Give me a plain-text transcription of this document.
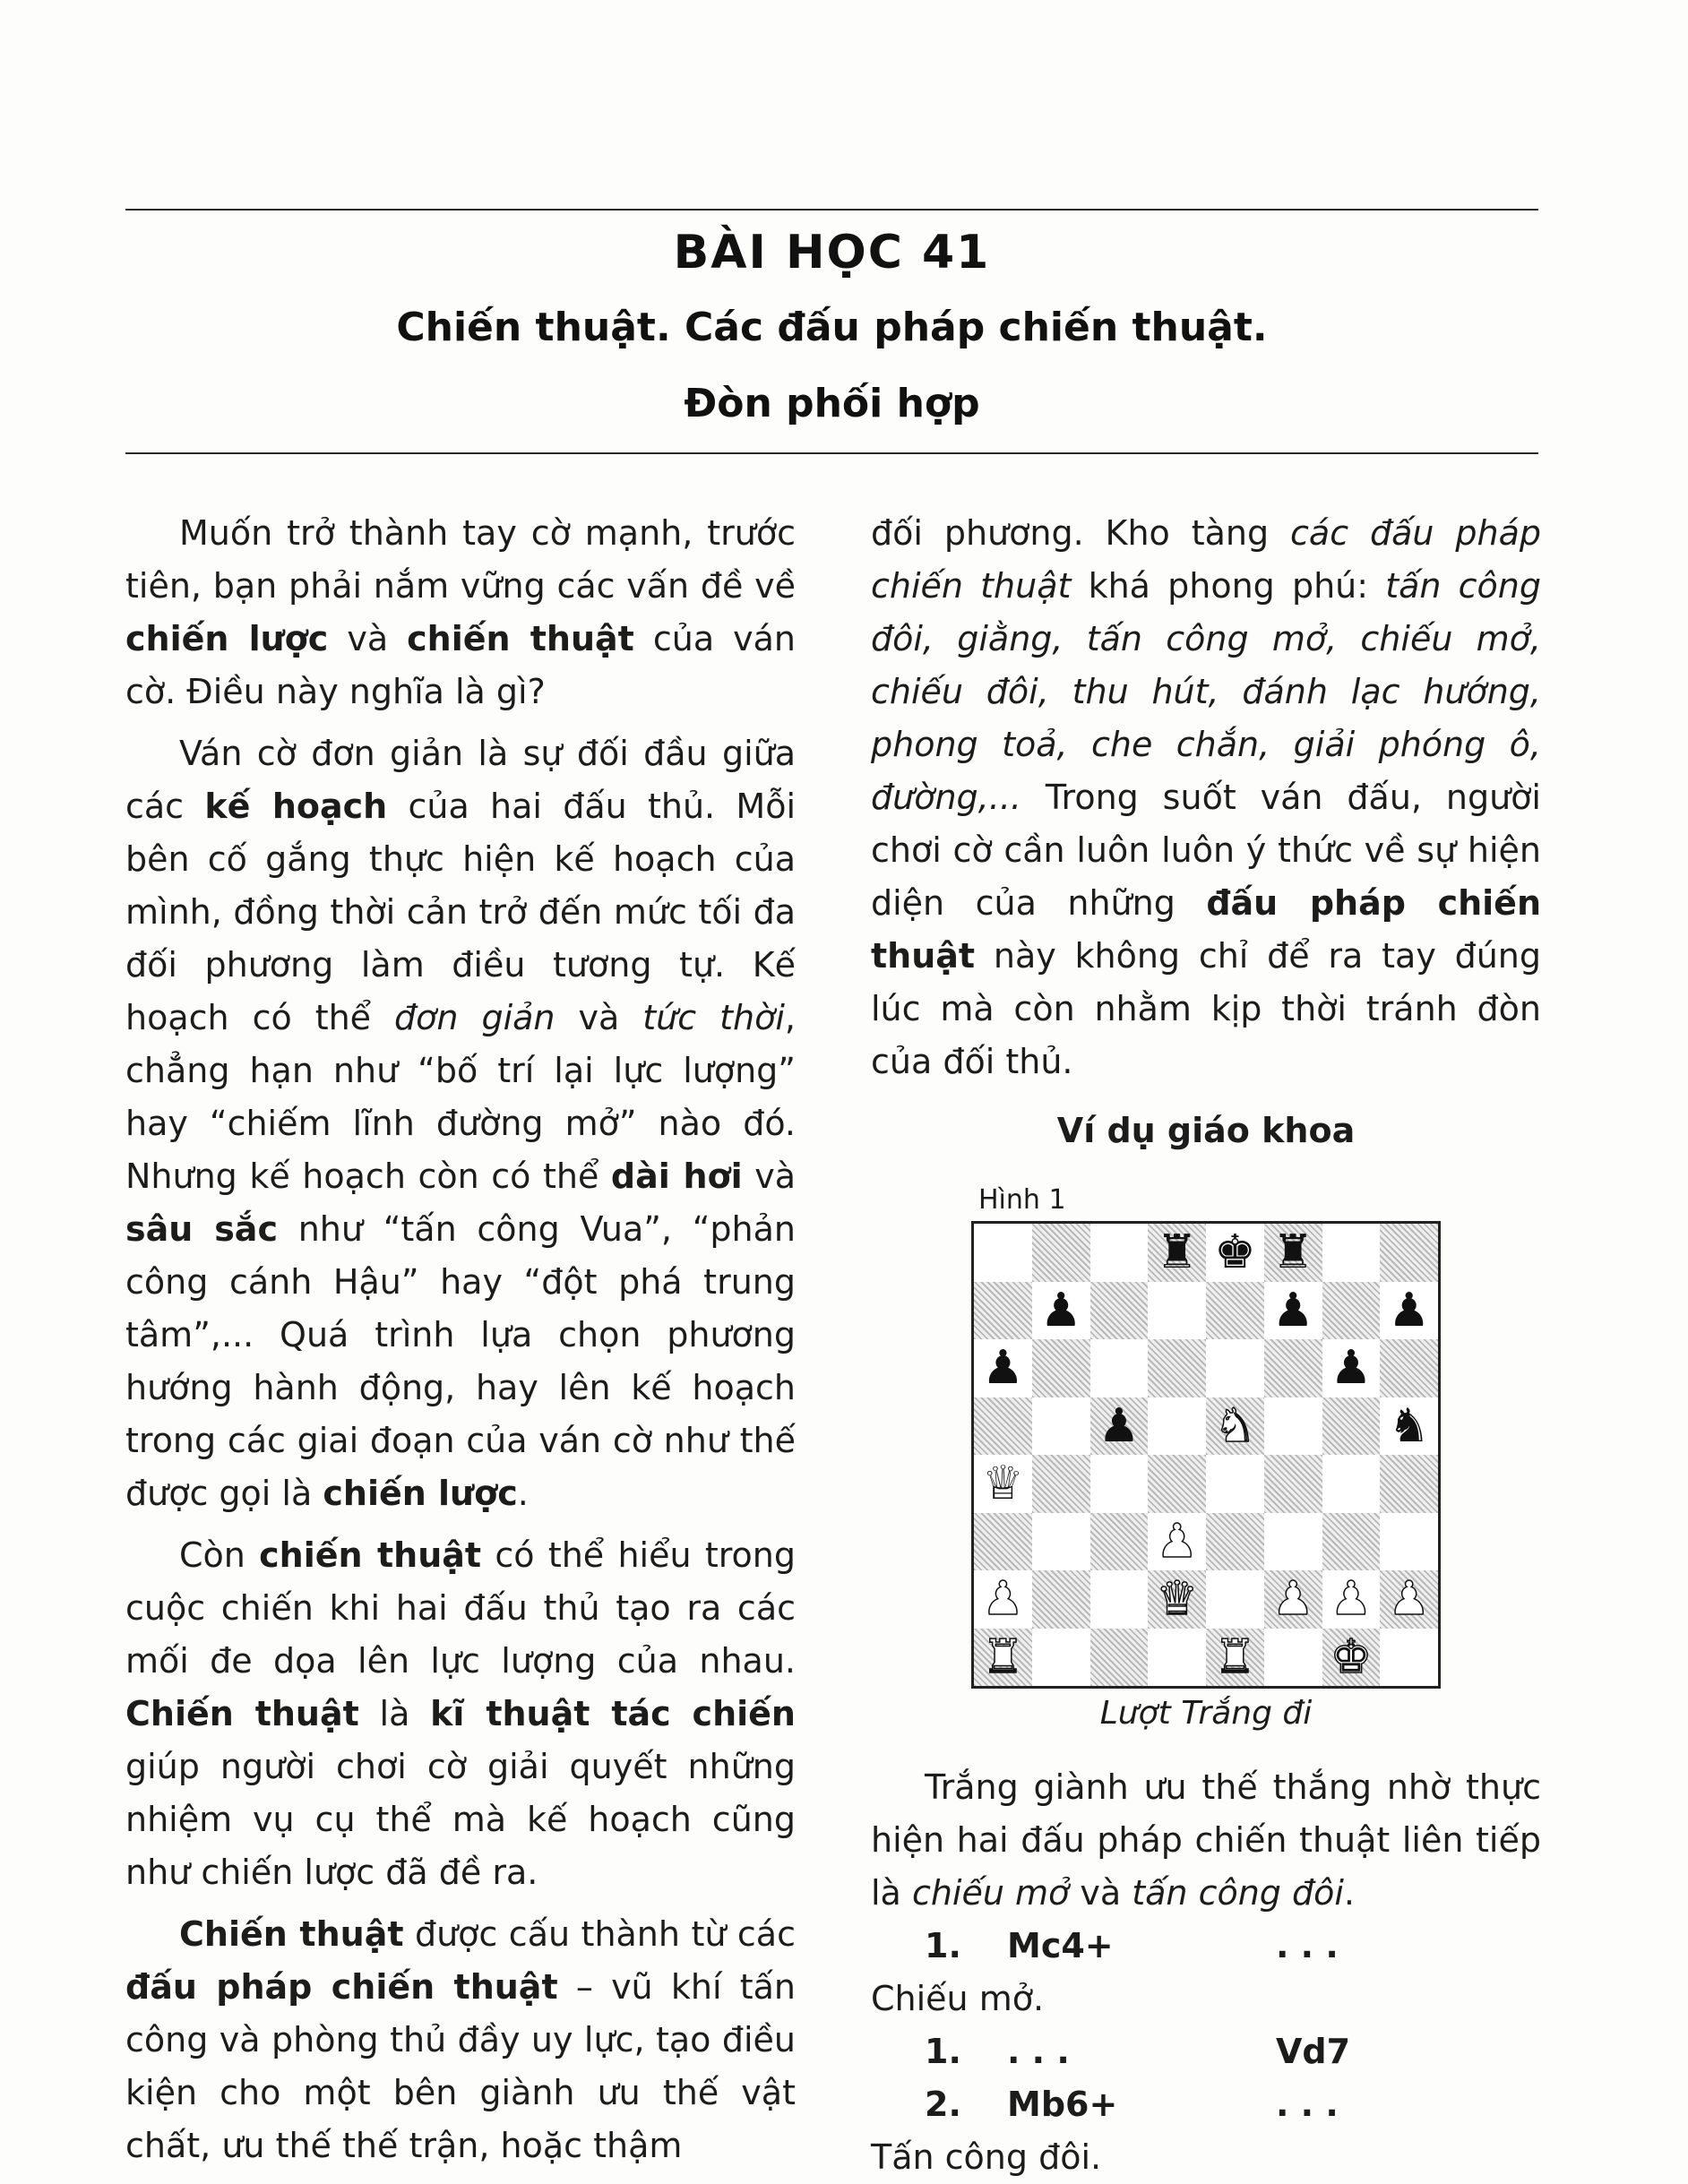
BÀI HỌC 41
Chiến thuật. Các đấu pháp chiến thuật.
Đòn phối hợp

Muốn trở thành tay cờ mạnh, trước tiên, bạn phải nắm vững các vấn đề về chiến lược và chiến thuật của ván cờ. Điều này nghĩa là gì?

Ván cờ đơn giản là sự đối đầu giữa các kế hoạch của hai đấu thủ. Mỗi bên cố gắng thực hiện kế hoạch của mình, đồng thời cản trở đến mức tối đa đối phương làm điều tương tự. Kế hoạch có thể đơn giản và tức thời, chẳng hạn như “bố trí lại lực lượng” hay “chiếm lĩnh đường mở” nào đó. Nhưng kế hoạch còn có thể dài hơi và sâu sắc như “tấn công Vua”, “phản công cánh Hậu” hay “đột phá trung tâm”,... Quá trình lựa chọn phương hướng hành động, hay lên kế hoạch trong các giai đoạn của ván cờ như thế được gọi là chiến lược.

Còn chiến thuật có thể hiểu trong cuộc chiến khi hai đấu thủ tạo ra các mối đe dọa lên lực lượng của nhau. Chiến thuật là kĩ thuật tác chiến giúp người chơi cờ giải quyết những nhiệm vụ cụ thể mà kế hoạch cũng như chiến lược đã đề ra.

Chiến thuật được cấu thành từ các đấu pháp chiến thuật – vũ khí tấn công và phòng thủ đầy uy lực, tạo điều kiện cho một bên giành ưu thế vật chất, ưu thế thế trận, hoặc thậm

đối phương. Kho tàng các đấu pháp chiến thuật khá phong phú: tấn công đôi, giằng, tấn công mở, chiếu mở, chiếu đôi, thu hút, đánh lạc hướng, phong toả, che chắn, giải phóng ô, đường,... Trong suốt ván đấu, người chơi cờ cần luôn luôn ý thức về sự hiện diện của những đấu pháp chiến thuật này không chỉ để ra tay đúng lúc mà còn nhằm kịp thời tránh đòn của đối thủ.

Ví dụ giáo khoa
Hình 1
♜ ♚ ♜
♟	♟ ♟
♟	♟
♟ ♞	♞
♕
♟
♟	♛ ♟ ♟ ♟
♜	♜ ♚
Lượt Trắng đi

Trắng giành ưu thế thắng nhờ thực hiện hai đấu pháp chiến thuật liên tiếp là chiếu mở và tấn công đôi.

1. Mc4+	. . .
Chiếu mở.
1. . . .	Vd7
2. Mb6+	. . .
Tấn công đôi.
